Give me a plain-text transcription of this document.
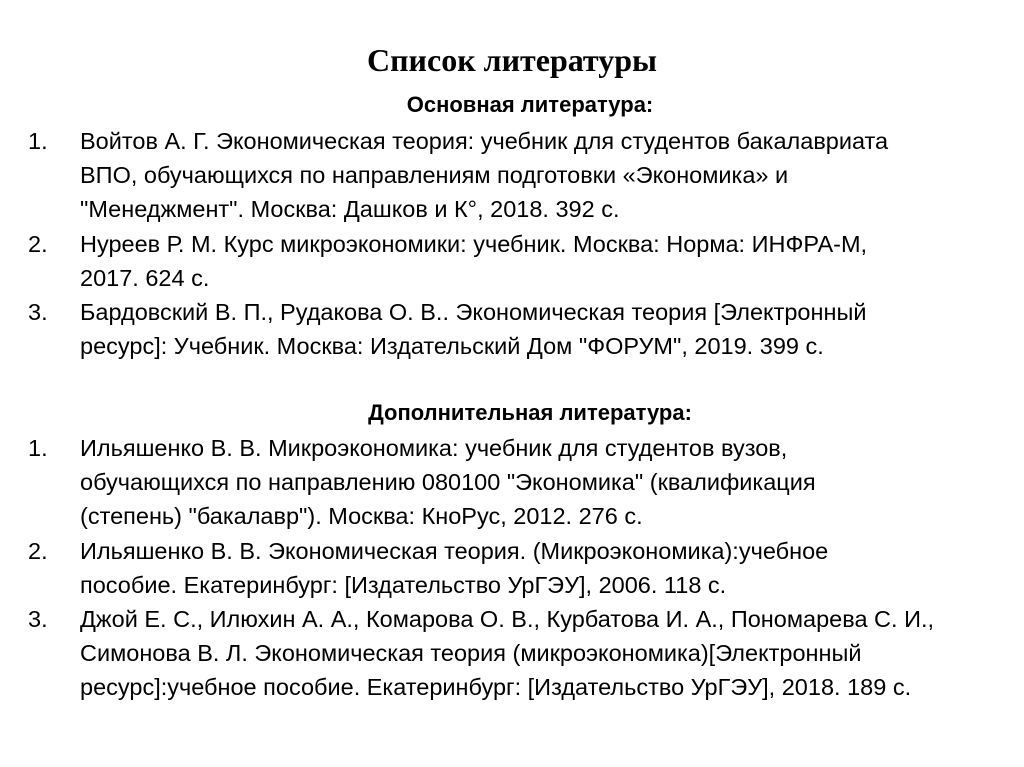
Список литературы
Основная литература:
1. Войтов А. Г. Экономическая теория: учебник для студентов бакалавриата
ВПО, обучающихся по направлениям подготовки «Экономика» и
"Менеджмент". Москва: Дашков и К°, 2018. 392 с.
2. Нуреев Р. М. Курс микроэкономики: учебник. Москва: Норма: ИНФРА-М,
2017. 624 с.
3. Бардовский В. П., Рудакова О. В.. Экономическая теория [Электронный
ресурс]: Учебник. Москва: Издательский Дом "ФОРУМ", 2019. 399 с.
Дополнительная литература:
1. Ильяшенко В. В. Микроэкономика: учебник для студентов вузов,
обучающихся по направлению 080100 "Экономика" (квалификация
(степень) "бакалавр"). Москва: КноРус, 2012. 276 с.
2. Ильяшенко В. В. Экономическая теория. (Микроэкономика):учебное
пособие. Екатеринбург: [Издательство УрГЭУ], 2006. 118 с.
3. Джой Е. С., Илюхин А. А., Комарова О. В., Курбатова И. А., Пономарева С. И.,
Симонова В. Л. Экономическая теория (микроэкономика)[Электронный
ресурс]:учебное пособие. Екатеринбург: [Издательство УрГЭУ], 2018. 189 с.
